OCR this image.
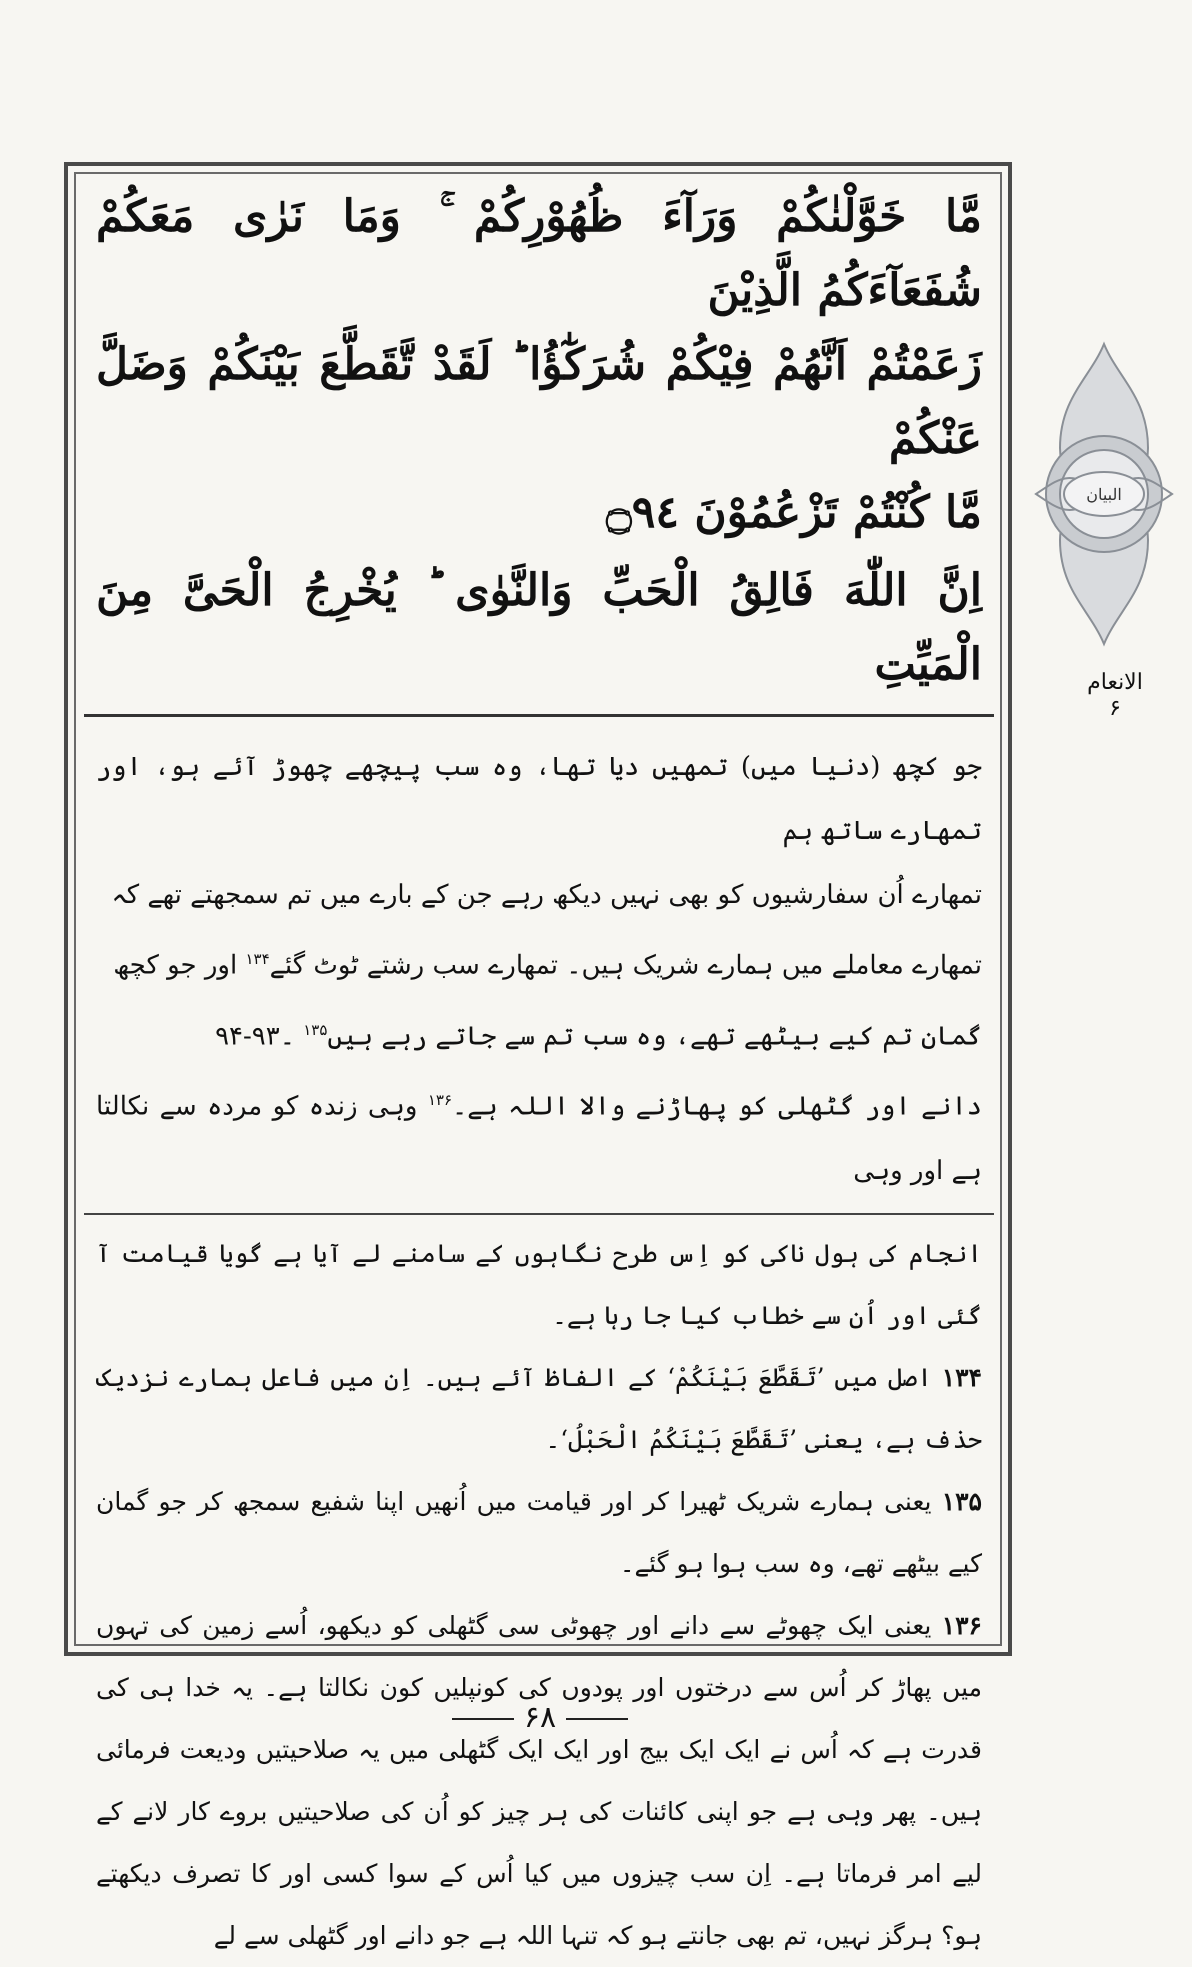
مَّا خَوَّلْنٰكُمْ وَرَآءَ ظُهُوْرِكُمْ ۚ وَمَا نَرٰی مَعَكُمْ شُفَعَآءَكُمُ الَّذِیْنَ

زَعَمْتُمْ اَنَّهُمْ فِیْكُمْ شُرَكٰٓؤُا ؕ لَقَدْ تَّقَطَّعَ بَیْنَكُمْ وَضَلَّ عَنْكُمْ

مَّا كُنْتُمْ تَزْعُمُوْنَ ۝٩٤

اِنَّ اللّٰهَ فَالِقُ الْحَبِّ وَالنَّوٰی ؕ یُخْرِجُ الْحَیَّ مِنَ الْمَیِّتِ

جو کچھ (دنیا میں) تمھیں دیا تھا، وہ سب پیچھے چھوڑ آئے ہو، اور تمھارے ساتھ ہم

تمھارے اُن سفارشیوں کو بھی نہیں دیکھ رہے جن کے بارے میں تم سمجھتے تھے کہ

تمھارے معاملے میں ہمارے شریک ہیں۔ تمھارے سب رشتے ٹوٹ گئے$^{۱۳۴}$ اور جو کچھ

گمان تم کیے بیٹھے تھے، وہ سب تم سے جاتے رہے ہیں$^{۱۳۵}$ ۔۹۳-۹۴

دانے اور گٹھلی کو پھاڑنے والا اللہ ہے۔$^{۱۳۶}$ وہی زندہ کو مردہ سے نکالتا ہے اور وہی

انجام کی ہول ناکی کو اِس طرح نگاہوں کے سامنے لے آیا ہے گویا قیامت آ گئی اور اُن سے خطاب کیا جا رہا ہے۔

۱۳۴ اصل میں ’تَقَطَّعَ بَیْنَكُمْ‘ کے الفاظ آئے ہیں۔ اِن میں فاعل ہمارے نزدیک حذف ہے، یعنی ’تَقَطَّعَ بَیْنَكُمُ الْحَبْلُ‘۔

۱۳۵ یعنی ہمارے شریک ٹھیرا کر اور قیامت میں اُنھیں اپنا شفیع سمجھ کر جو گمان کیے بیٹھے تھے، وہ سب ہوا ہو گئے۔

۱۳۶ یعنی ایک چھوٹے سے دانے اور چھوٹی سی گٹھلی کو دیکھو، اُسے زمین کی تہوں میں پھاڑ کر اُس سے درختوں اور پودوں کی کونپلیں کون نکالتا ہے۔ یہ خدا ہی کی قدرت ہے کہ اُس نے ایک ایک بیج اور ایک ایک گٹھلی میں یہ صلاحیتیں ودیعت فرمائی ہیں۔ پھر وہی ہے جو اپنی کائنات کی ہر چیز کو اُن کی صلاحیتیں بروے کار لانے کے لیے امر فرماتا ہے۔ اِن سب چیزوں میں کیا اُس کے سوا کسی اور کا تصرف دیکھتے ہو؟ ہرگز نہیں، تم بھی جانتے ہو کہ تنہا اللہ ہے جو دانے اور گٹھلی سے لے

البیان
الانعام
۶
۶۸
